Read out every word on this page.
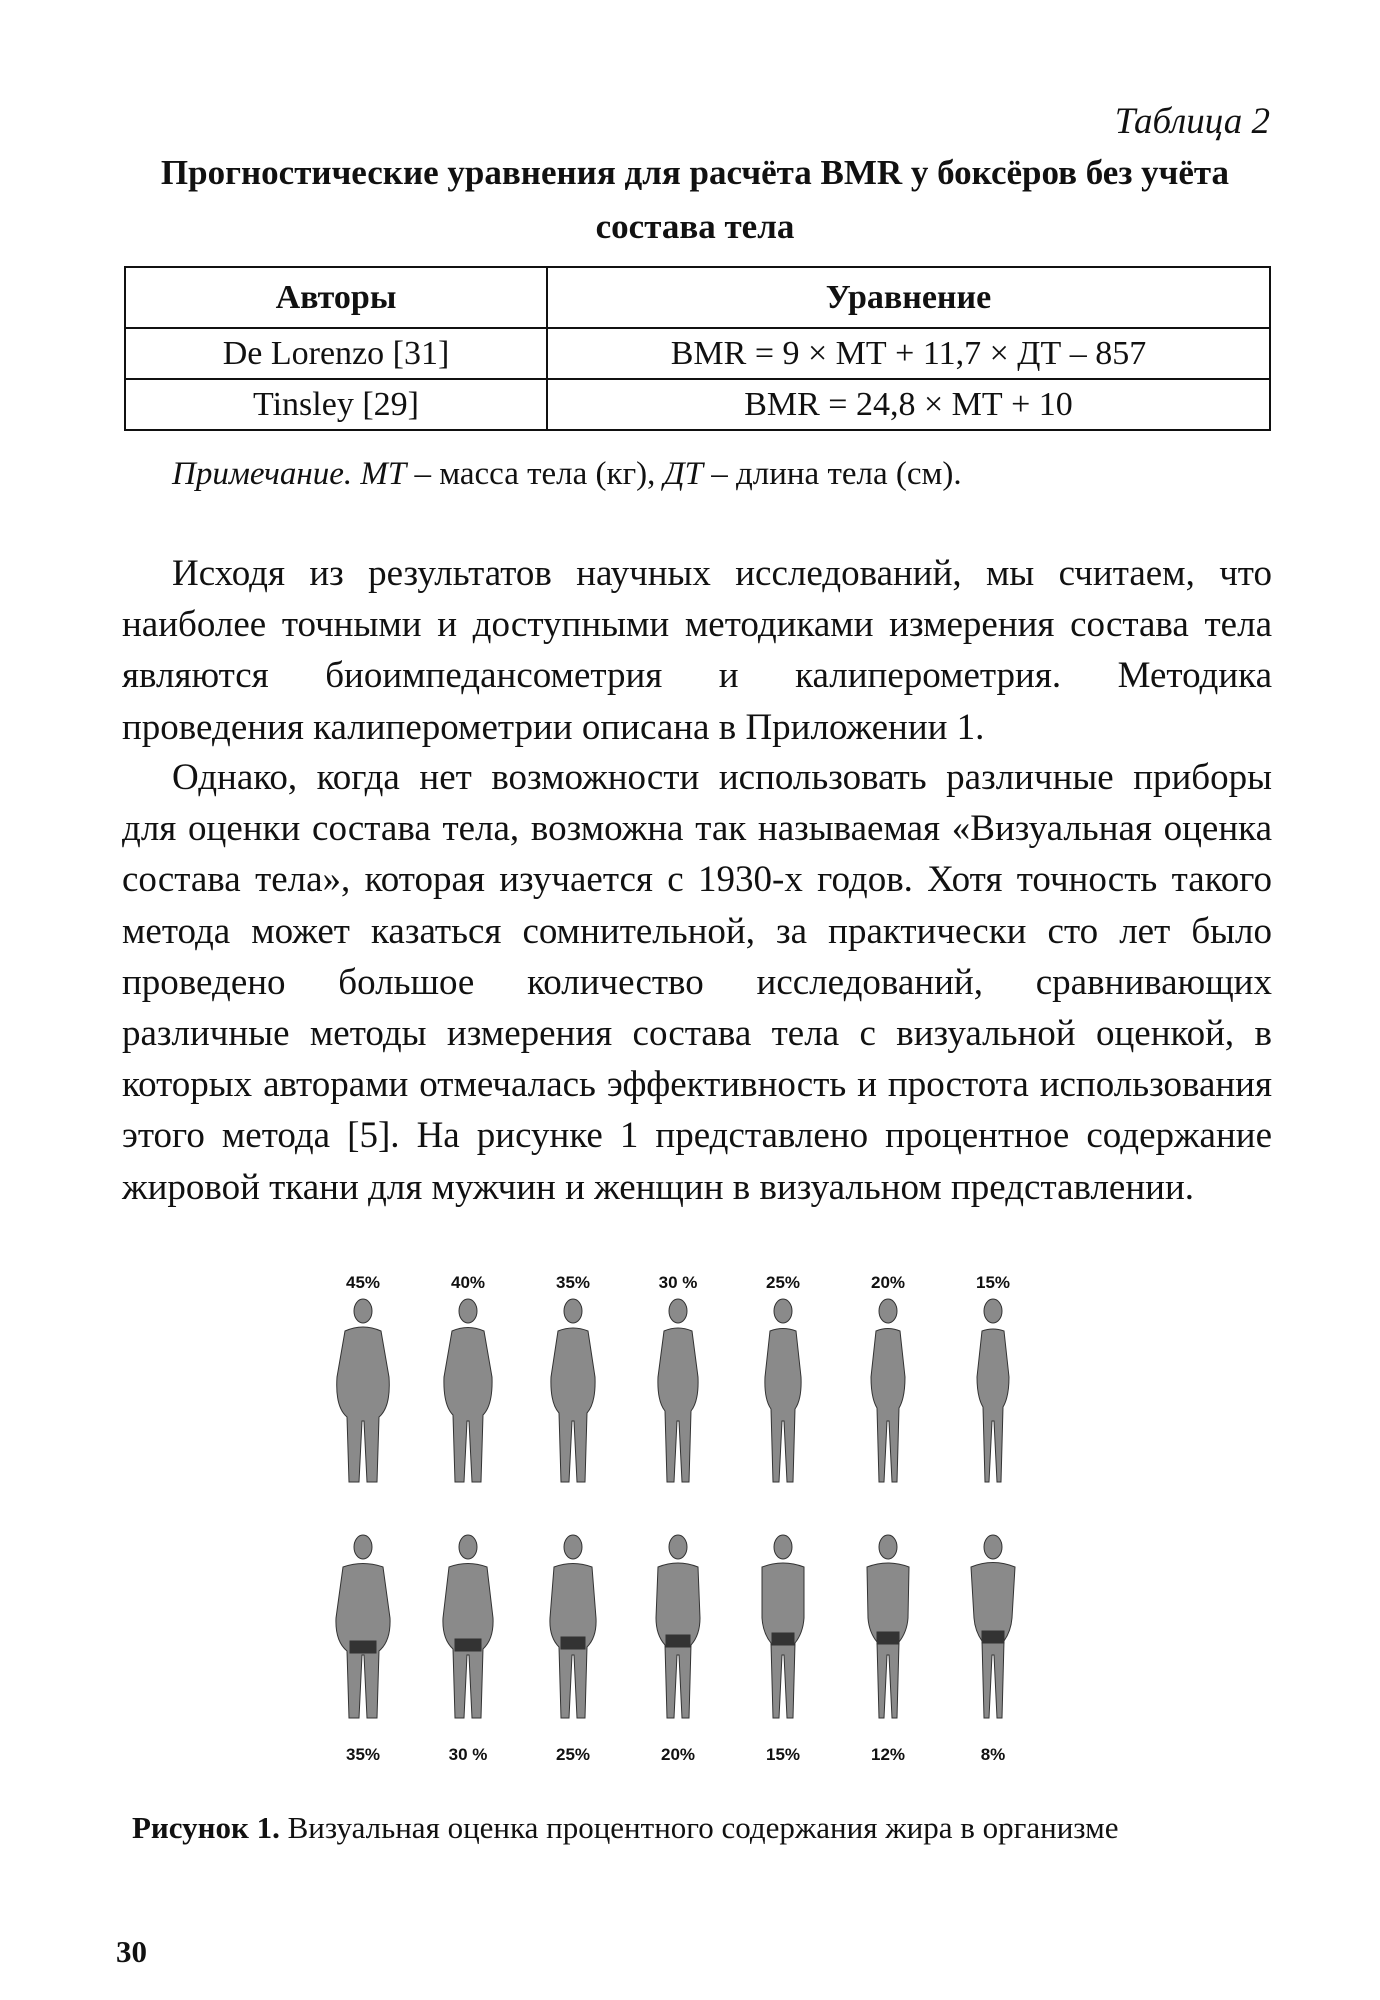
Таблица 2
Прогностические уравнения для расчёта BMR у боксёров без учёта состава тела
Авторы	Уравнение
De Lorenzo [31]	BMR = 9 × МТ + 11,7 × ДТ – 857
Tinsley [29]	BMR = 24,8 × МТ + 10
Примечание. МТ – масса тела (кг), ДТ – длина тела (см).

Исходя из результатов научных исследований, мы считаем, что наиболее точными и доступными методиками измерения состава тела являются биоимпедансометрия и калиперометрия. Методика проведения калиперометрии описана в Приложении 1.

Однако, когда нет возможности использовать различные приборы для оценки состава тела, возможна так называемая «Визуальная оценка состава тела», которая изучается с 1930-х годов. Хотя точность такого метода может казаться сомнительной, за практически сто лет было проведено большое количество исследований, сравнивающих различные методы измерения состава тела с визуальной оценкой, в которых авторами отмечалась эффективность и простота использования этого метода [5]. На рисунке 1 представлено процентное содержание жировой ткани для мужчин и женщин в визуальном представлении.

45%	40%	35%	30 %	25%	20%	15%
35%	30 %	25%	20%	15%	12%	8%
Рисунок 1. Визуальная оценка процентного содержания жира в организме
30
